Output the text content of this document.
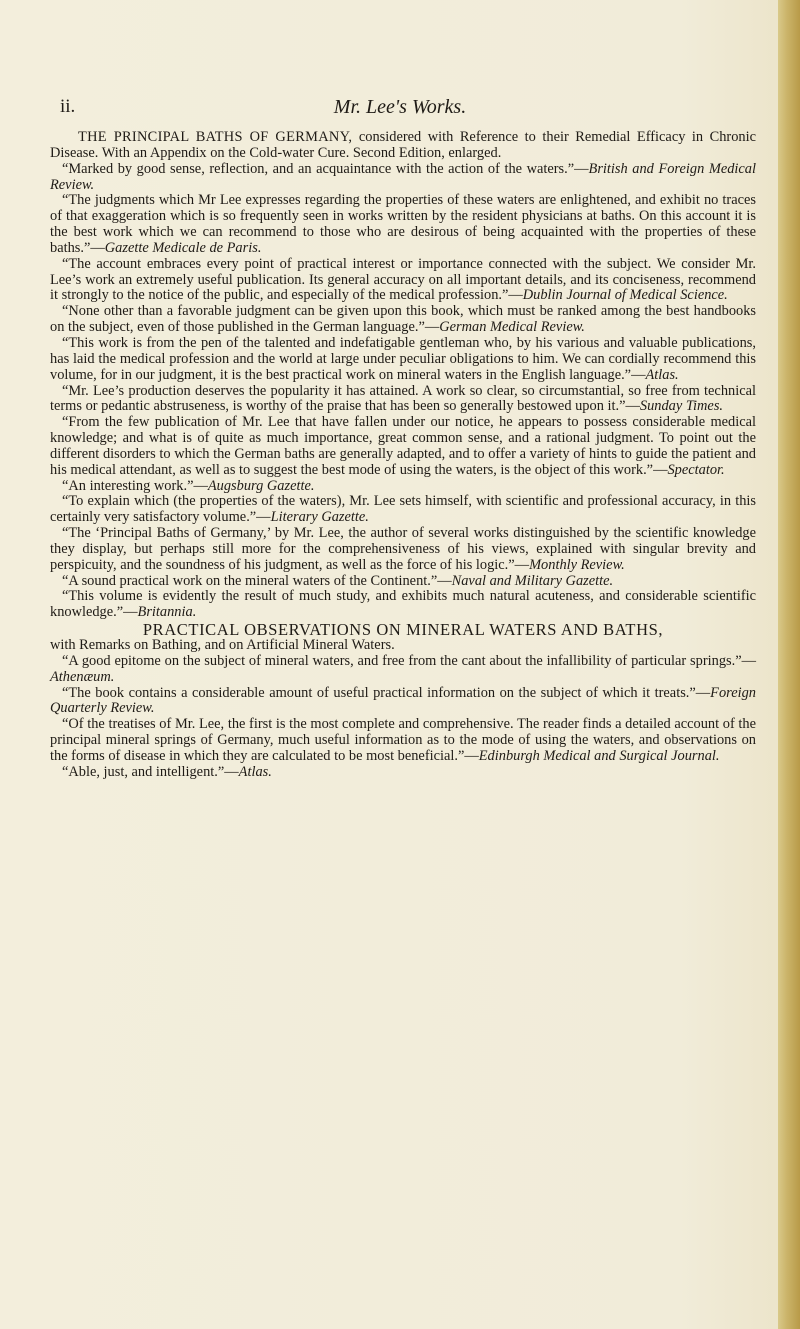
ii.	Mr. Lee's Works.

THE PRINCIPAL BATHS OF GERMANY, considered with Reference to their Remedial Efficacy in Chronic Disease. With an Appendix on the Cold-water Cure. Second Edition, enlarged.

“Marked by good sense, reflection, and an acquaintance with the action of the waters.”—British and Foreign Medical Review.

“The judgments which Mr Lee expresses regarding the properties of these waters are enlightened, and exhibit no traces of that exaggeration which is so frequently seen in works written by the resident physicians at baths. On this account it is the best work which we can recommend to those who are desirous of being acquainted with the properties of these baths.”—Gazette Medicale de Paris.

“The account embraces every point of practical interest or importance connected with the subject. We consider Mr. Lee’s work an extremely useful publication. Its general accuracy on all important details, and its conciseness, recommend it strongly to the notice of the public, and especially of the medical profession.”—Dublin Journal of Medical Science.

“None other than a favorable judgment can be given upon this book, which must be ranked among the best handbooks on the subject, even of those published in the German language.”—German Medical Review.

“This work is from the pen of the talented and indefatigable gentleman who, by his various and valuable publications, has laid the medical profession and the world at large under peculiar obligations to him. We can cordially recommend this volume, for in our judgment, it is the best practical work on mineral waters in the English language.”—Atlas.

“Mr. Lee’s production deserves the popularity it has attained. A work so clear, so circumstantial, so free from technical terms or pedantic abstruseness, is worthy of the praise that has been so generally bestowed upon it.”—Sunday Times.

“From the few publication of Mr. Lee that have fallen under our notice, he appears to possess considerable medical knowledge; and what is of quite as much importance, great common sense, and a rational judgment. To point out the different disorders to which the German baths are generally adapted, and to offer a variety of hints to guide the patient and his medical attendant, as well as to suggest the best mode of using the waters, is the object of this work.”—Spectator.

“An interesting work.”—Augsburg Gazette.

“To explain which (the properties of the waters), Mr. Lee sets himself, with scientific and professional accuracy, in this certainly very satisfactory volume.”—Literary Gazette.

“The ‘Principal Baths of Germany,’ by Mr. Lee, the author of several works distinguished by the scientific knowledge they display, but perhaps still more for the comprehensiveness of his views, explained with singular brevity and perspicuity, and the soundness of his judgment, as well as the force of his logic.”—Monthly Review.

“A sound practical work on the mineral waters of the Continent.”—Naval and Military Gazette.

“This volume is evidently the result of much study, and exhibits much natural acuteness, and considerable scientific knowledge.”—Britannia.

PRACTICAL OBSERVATIONS ON MINERAL WATERS AND BATHS,

with Remarks on Bathing, and on Artificial Mineral Waters.

“A good epitome on the subject of mineral waters, and free from the cant about the infallibility of particular springs.”—Athenæum.

“The book contains a considerable amount of useful practical information on the subject of which it treats.”—Foreign Quarterly Review.

“Of the treatises of Mr. Lee, the first is the most complete and comprehensive. The reader finds a detailed account of the principal mineral springs of Germany, much useful information as to the mode of using the waters, and observations on the forms of disease in which they are calculated to be most beneficial.”—Edinburgh Medical and Surgical Journal.

“Able, just, and intelligent.”—Atlas.
